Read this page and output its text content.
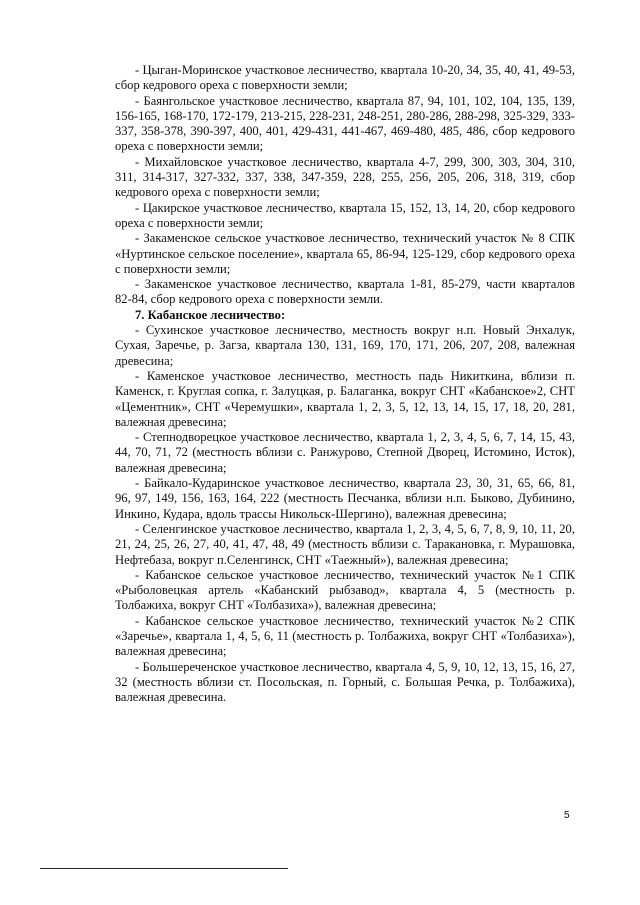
- Цыган-Моринское участковое лесничество, квартала 10-20, 34, 35, 40, 41, 49-53, сбор кедрового ореха с поверхности земли;

- Баянгольское участковое лесничество, квартала 87, 94, 101, 102, 104, 135, 139, 156-165, 168-170, 172-179, 213-215, 228-231, 248-251, 280-286, 288-298, 325-329, 333-337, 358-378, 390-397, 400, 401, 429-431, 441-467, 469-480, 485, 486, сбор кедрового ореха с поверхности земли;

- Михайловское участковое лесничество, квартала 4-7, 299, 300, 303, 304, 310, 311, 314-317, 327-332, 337, 338, 347-359, 228, 255, 256, 205, 206, 318, 319, сбор кедрового ореха с поверхности земли;

- Цакирское участковое лесничество, квартала 15, 152, 13, 14, 20, сбор кедрового ореха с поверхности земли;

- Закаменское сельское участковое лесничество, технический участок № 8 СПК «Нуртинское сельское поселение», квартала 65, 86-94, 125-129, сбор кедрового ореха с поверхности земли;

- Закаменское участковое лесничество, квартала 1-81, 85-279, части кварталов 82-84, сбор кедрового ореха с поверхности земли.

7. Кабанское лесничество:

- Сухинское участковое лесничество, местность вокруг н.п. Новый Энхалук, Сухая, Заречье, р. Загза, квартала 130, 131, 169, 170, 171, 206, 207, 208, валежная древесина;

- Каменское участковое лесничество, местность падь Никиткина, вблизи п. Каменск, г. Круглая сопка, г. Залуцкая, р. Балаганка, вокруг СНТ «Кабанское»2, СНТ «Цементник», СНТ «Черемушки», квартала 1, 2, 3, 5, 12, 13, 14, 15, 17, 18, 20, 281, валежная древесина;

- Степнодворецкое участковое лесничество, квартала 1, 2, 3, 4, 5, 6, 7, 14, 15, 43, 44, 70, 71, 72 (местность вблизи с. Ранжурово, Степной Дворец, Истомино, Исток), валежная древесина;

- Байкало-Кударинское участковое лесничество, квартала 23, 30, 31, 65, 66, 81, 96, 97, 149, 156, 163, 164, 222 (местность Песчанка, вблизи н.п. Быково, Дубинино, Инкино, Кудара, вдоль трассы Никольск-Шергино), валежная древесина;

- Селенгинское участковое лесничество, квартала 1, 2, 3, 4, 5, 6, 7, 8, 9, 10, 11, 20, 21, 24, 25, 26, 27, 40, 41, 47, 48, 49 (местность вблизи с. Таракановка, г. Мурашовка, Нефтебаза, вокруг п.Селенгинск, СНТ «Таежный»), валежная древесина;

- Кабанское сельское участковое лесничество, технический участок №1 СПК «Рыболовецкая артель «Кабанский рыбзавод», квартала 4, 5 (местность р. Толбажиха, вокруг СНТ «Толбазиха»), валежная древесина;

- Кабанское сельское участковое лесничество, технический участок №2 СПК «Заречье», квартала 1, 4, 5, 6, 11 (местность р. Толбажиха, вокруг СНТ «Толбазиха»), валежная древесина;

- Большереченское участковое лесничество, квартала 4, 5, 9, 10, 12, 13, 15, 16, 27, 32 (местность вблизи ст. Посольская, п. Горный, с. Большая Речка, р. Толбажиха), валежная древесина.

5
